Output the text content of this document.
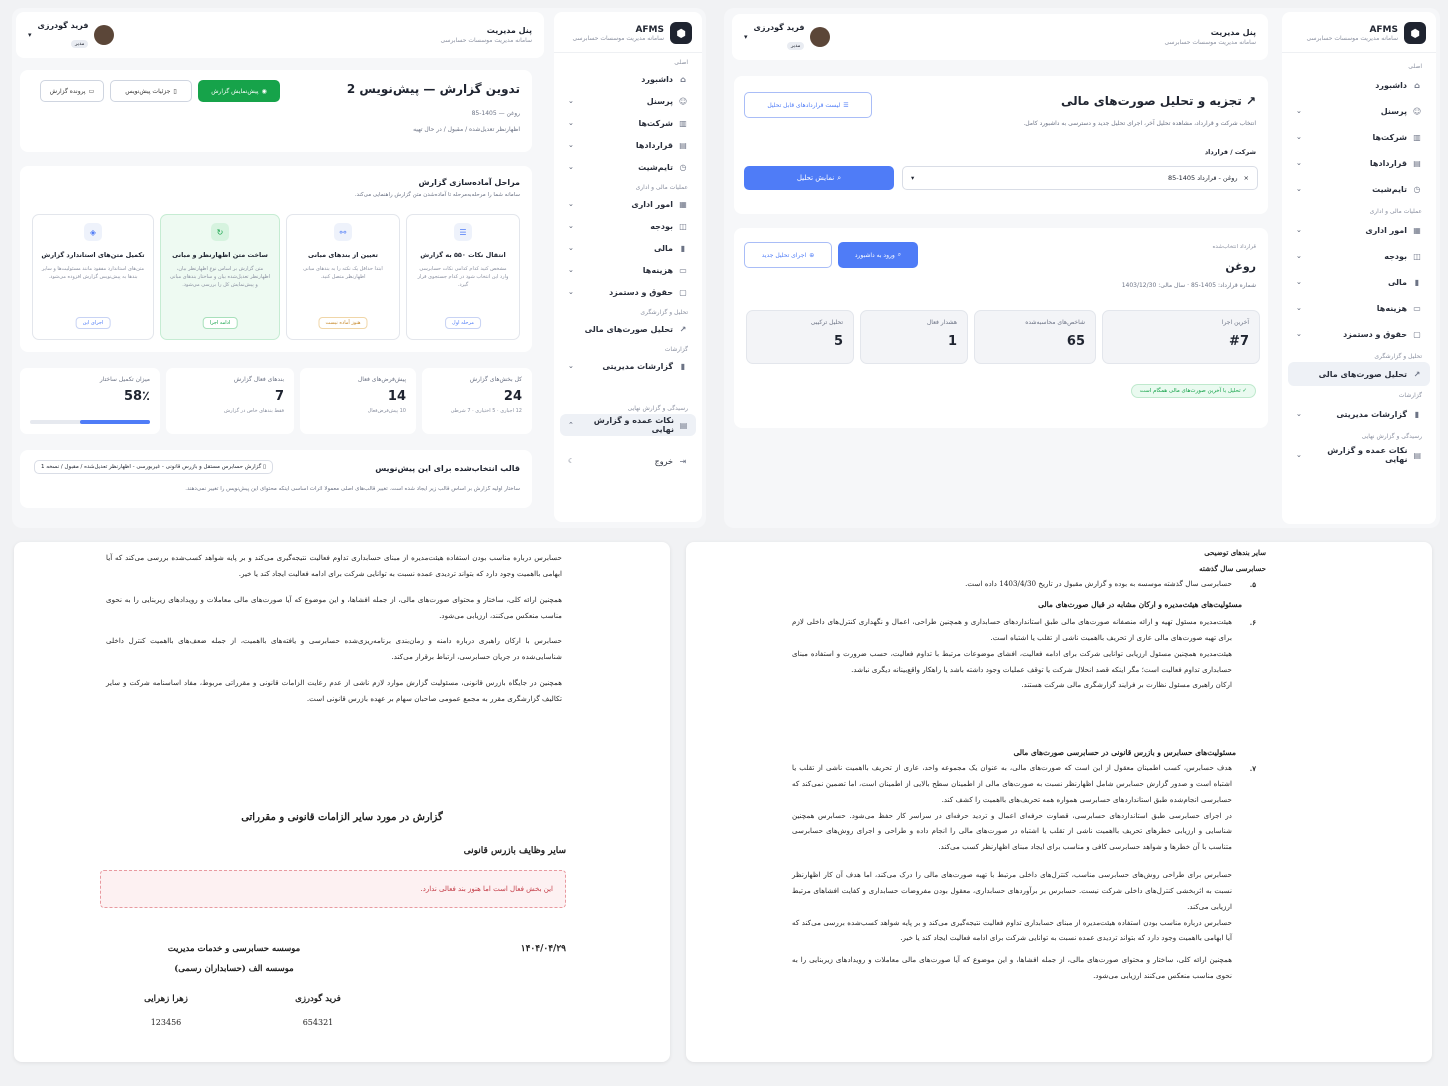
⬢
AFMS
سامانه مدیریت موسسات حسابرسی
اصلی
⌂
داشبورد
☺
پرسنل
⌄
▥
شرکت‌ها
⌄
▤
قراردادها
⌄
◷
تایم‌شیت
⌄
عملیات مالی و اداری
▦
امور اداری
⌄
◫
بودجه
⌄
▮
مالی
⌄
▭
هزینه‌ها
⌄
▢
حقوق و دستمزد
⌄
تحلیل و گزارشگری
↗
تحلیل صورت‌های مالی
گزارشات
▮
گزارشات مدیریتی
⌄
رسیدگی و گزارش نهایی
▤
نکات عمده و گزارش نهایی
⌃
⇥
خروج
☾
پنل مدیریت
سامانه مدیریت موسسات حسابرسی
فرید گودرزی
مدیر
▾
تدوین گزارش — پیش‌نویس 2
روغن — 1405-85
اظهارنظر تعدیل‌شده / مقبول / در حال تهیه
◉
پیش‌نمایش گزارش
▯
جزئیات پیش‌نویس
▭
پرونده گزارش
مراحل آماده‌سازی گزارش
سامانه شما را مرحله‌به‌مرحله تا آماده‌شدن متن گزارش راهنمایی می‌کند.
☰
انتقال نکات ۵۵۰ به گزارش
مشخص کنید کدام کدامی نکات حسابرسی وارد این انتخاب شود در کدام جستجوی قرار گیرد.
مرحله اول
⚯
تعیین از بندهای مبانی
ابتدا حداقل یک نکته را به بندهای مبانی اظهارنظر متصل کنید.
هنوز آماده نیست
↻
ساخت متن اظهارنظر و مبانی
متن گزارش بر اساس نوع اظهارنظر بیان، اظهارنظر تعدیل‌شده بیان و ساختار بندهای مبانی و پیش‌نمایش کل را بررسی می‌شود.
ادامه اجرا
◈
تکمیل متن‌های استاندارد گزارش
متن‌های استاندارد مفقود مانند مسئولیت‌ها و سایر بندها به پیش‌نویس گزارش افزوده می‌شود.
اجرای این
کل بخش‌های گزارش
24
12 اجباری · 5 اختیاری · 7 شرطی
پیش‌فرض‌های فعال
14
10 پیش‌فرض‌فعال
بندهای فعال گزارش
7
فقط بندهای خاص در گزارش
میزان تکمیل ساختار
58٪
قالب انتخاب‌شده برای این پیش‌نویس
ساختار اولیه گزارش بر اساس قالب زیر ایجاد شده است. تغییر قالب‌های اصلی معمولا اثرات اساسی اینکه محتوای این پیش‌نویس را تغییر نمی‌دهند.
▯ گزارش حسابرس مستقل و بازرس قانونی - غیربورسی - اظهارنظر تعدیل‌شده / مقبول / نسخه 1
⬢
AFMS
سامانه مدیریت موسسات حسابرسی
اصلی
⌂
داشبورد
☺
پرسنل
⌄
▥
شرکت‌ها
⌄
▤
قراردادها
⌄
◷
تایم‌شیت
⌄
عملیات مالی و اداری
▦
امور اداری
⌄
◫
بودجه
⌄
▮
مالی
⌄
▭
هزینه‌ها
⌄
▢
حقوق و دستمزد
⌄
تحلیل و گزارشگری
↗
تحلیل صورت‌های مالی
گزارشات
▮
گزارشات مدیریتی
⌄
رسیدگی و گزارش نهایی
▤
نکات عمده و گزارش نهایی
⌄
پنل مدیریت
سامانه مدیریت موسسات حسابرسی
فرید گودرزی
مدیر
▾
↗ تجزیه و تحلیل صورت‌های مالی
انتخاب شرکت و قرارداد، مشاهده تحلیل آخر، اجرای تحلیل جدید و دسترسی به داشبورد کامل.
☰
لیست قراردادهای قابل تحلیل
شرکت / قرارداد
×
روغن - قرارداد 1405-85
▾
⌕
نمایش تحلیل
قرارداد انتخاب‌شده
روغن
شماره قرارداد: 1405-85 · سال مالی: 1403/12/30
⌕
ورود به داشبورد
⊕
اجرای تحلیل جدید
آخرین اجرا
#7
شاخص‌های محاسبه‌شده
65
هشدار فعال
1
تحلیل ترکیبی
5
✓ تحلیل با آخرین صورت‌های مالی همگام است

حسابرس درباره مناسب بودن استفاده هیئت‌مدیره از مبنای حسابداری تداوم فعالیت نتیجه‌گیری می‌کند و بر پایه شواهد کسب‌شده بررسی می‌کند که آیا ابهامی بااهمیت وجود دارد که بتواند تردیدی عمده نسبت به توانایی شرکت برای ادامه فعالیت ایجاد کند یا خیر.

همچنین ارائه کلی، ساختار و محتوای صورت‌های مالی، از جمله افشاها، و این موضوع که آیا صورت‌های مالی معاملات و رویدادهای زیربنایی را به نحوی مناسب منعکس می‌کنند، ارزیابی می‌شود.

حسابرس با ارکان راهبری درباره دامنه و زمان‌بندی برنامه‌ریزی‌شده حسابرسی و یافته‌های بااهمیت، از جمله ضعف‌های بااهمیت کنترل داخلی شناسایی‌شده در جریان حسابرسی، ارتباط برقرار می‌کند.

همچنین در جایگاه بازرس قانونی، مسئولیت گزارش موارد لازم ناشی از عدم رعایت الزامات قانونی و مقرراتی مربوط، مفاد اساسنامه شرکت و سایر تکالیف گزارشگری مقرر به مجمع عمومی صاحبان سهام بر عهده بازرس قانونی است.

گزارش در مورد سایر الزامات قانونی و مقرراتی
سایر وظایف بازرس قانونی
این بخش فعال است اما هنوز بند فعالی ندارد.
موسسه حسابرسی و خدمات مدیریت
موسسه الف (حسابداران رسمی)
۱۴۰۴/۰۴/۲۹
فرید گودرزی
654321
زهرا زهرایی
123456
سایر بندهای توضیحی
حسابرسی سال گذشته
۵.
حسابرسی سال گذشته موسسه به بوده و گزارش مقبول در تاریخ 1403/4/30 داده است.
۶.
مسئولیت‌های هیئت‌مدیره و ارکان مشابه در قبال صورت‌های مالی

هیئت‌مدیره مسئول تهیه و ارائه منصفانه صورت‌های مالی طبق استانداردهای حسابداری و همچنین طراحی، اعمال و نگهداری کنترل‌های داخلی لازم برای تهیه صورت‌های مالی عاری از تحریف بااهمیت ناشی از تقلب یا اشتباه است.

هیئت‌مدیره همچنین مسئول ارزیابی توانایی شرکت برای ادامه فعالیت، افشای موضوعات مرتبط با تداوم فعالیت، حسب ضرورت و استفاده مبنای حسابداری تداوم فعالیت است؛ مگر اینکه قصد انحلال شرکت یا توقف عملیات وجود داشته باشد یا راهکار واقع‌بینانه دیگری نباشد.

ارکان راهبری مسئول نظارت بر فرایند گزارشگری مالی شرکت هستند.

۷.
مسئولیت‌های حسابرس و بازرس قانونی در حسابرسی صورت‌های مالی

هدف حسابرس، کسب اطمینان معقول از این است که صورت‌های مالی، به عنوان یک مجموعه واحد، عاری از تحریف بااهمیت ناشی از تقلب یا اشتباه است و صدور گزارش حسابرس شامل اظهارنظر نسبت به صورت‌های مالی از اطمینان سطح بالایی از اطمینان است، اما تضمین نمی‌کند که حسابرسی انجام‌شده طبق استانداردهای حسابرسی همواره همه تحریف‌های بااهمیت را کشف کند.

در اجرای حسابرسی طبق استانداردهای حسابرسی، قضاوت حرفه‌ای اعمال و تردید حرفه‌ای در سراسر کار حفظ می‌شود. حسابرس همچنین شناسایی و ارزیابی خطرهای تحریف بااهمیت ناشی از تقلب یا اشتباه در صورت‌های مالی را انجام داده و طراحی و اجرای روش‌های حسابرسی متناسب با آن خطرها و شواهد حسابرسی کافی و مناسب برای ایجاد مبنای اظهارنظر کسب می‌کند.

حسابرس برای طراحی روش‌های حسابرسی مناسب، کنترل‌های داخلی مرتبط با تهیه صورت‌های مالی را درک می‌کند، اما هدف آن کار اظهارنظر نسبت به اثربخشی کنترل‌های داخلی شرکت نیست. حسابرس بر برآوردهای حسابداری، معقول بودن مفروضات حسابداری و کفایت افشاهای مرتبط ارزیابی می‌کند.

حسابرس درباره مناسب بودن استفاده هیئت‌مدیره از مبنای حسابداری تداوم فعالیت نتیجه‌گیری می‌کند و بر پایه شواهد کسب‌شده بررسی می‌کند که آیا ابهامی بااهمیت وجود دارد که بتواند تردیدی عمده نسبت به توانایی شرکت برای ادامه فعالیت ایجاد کند یا خیر.

همچنین ارائه کلی، ساختار و محتوای صورت‌های مالی، از جمله افشاها، و این موضوع که آیا صورت‌های مالی معاملات و رویدادهای زیربنایی را به نحوی مناسب منعکس می‌کنند ارزیابی می‌شود.
